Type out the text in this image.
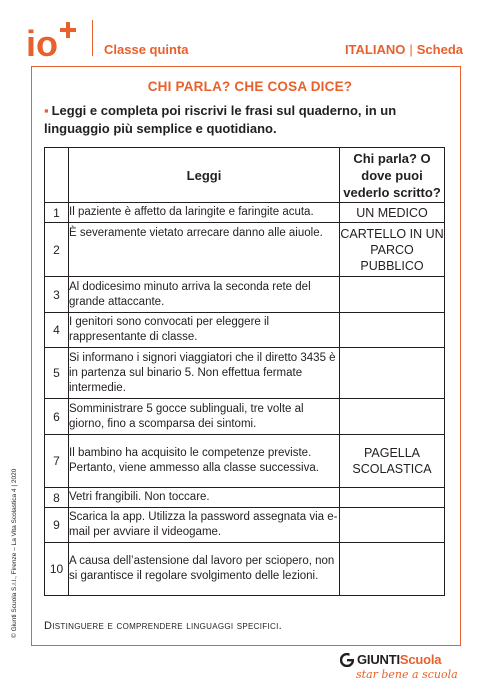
io	Classe quinta	ITALIANO | Scheda
CHI PARLA? CHE COSA DICE?
▪ Leggi e completa poi riscrivi le frasi sul quaderno, in un linguaggio più semplice e quotidiano.
	Leggi	Chi parla? O dove puoi vederlo scritto?
1	Il paziente è affetto da laringite e faringite acuta.	UN MEDICO
2	È severamente vietato arrecare danno alle aiuole.	CARTELLO IN UN PARCO PUBBLICO
3	Al dodicesimo minuto arriva la seconda rete del grande attaccante.	
4	I genitori sono convocati per eleggere il rappresentante di classe.	
5	Si informano i signori viaggiatori che il diretto 3435 è in partenza sul binario 5. Non effettua fermate intermedie.	
6	Somministrare 5 gocce sublinguali, tre volte al giorno, fino a scomparsa dei sintomi.	
7	Il bambino ha acquisito le competenze previste. Pertanto, viene ammesso alla classe successiva.	PAGELLA SCOLASTICA
8	Vetri frangibili. Non toccare.	
9	Scarica la app. Utilizza la password assegnata via e-mail per avviare il videogame.	
10	A causa dell’astensione dal lavoro per sciopero, non si garantisce il regolare svolgimento delle lezioni.	
Distinguere e comprendere linguaggi specifici.
© Giunti Scuola S.r.l., Firenze – La Vita Scolastica 4 | 2020
GIUNTIScuola
star bene a scuola
